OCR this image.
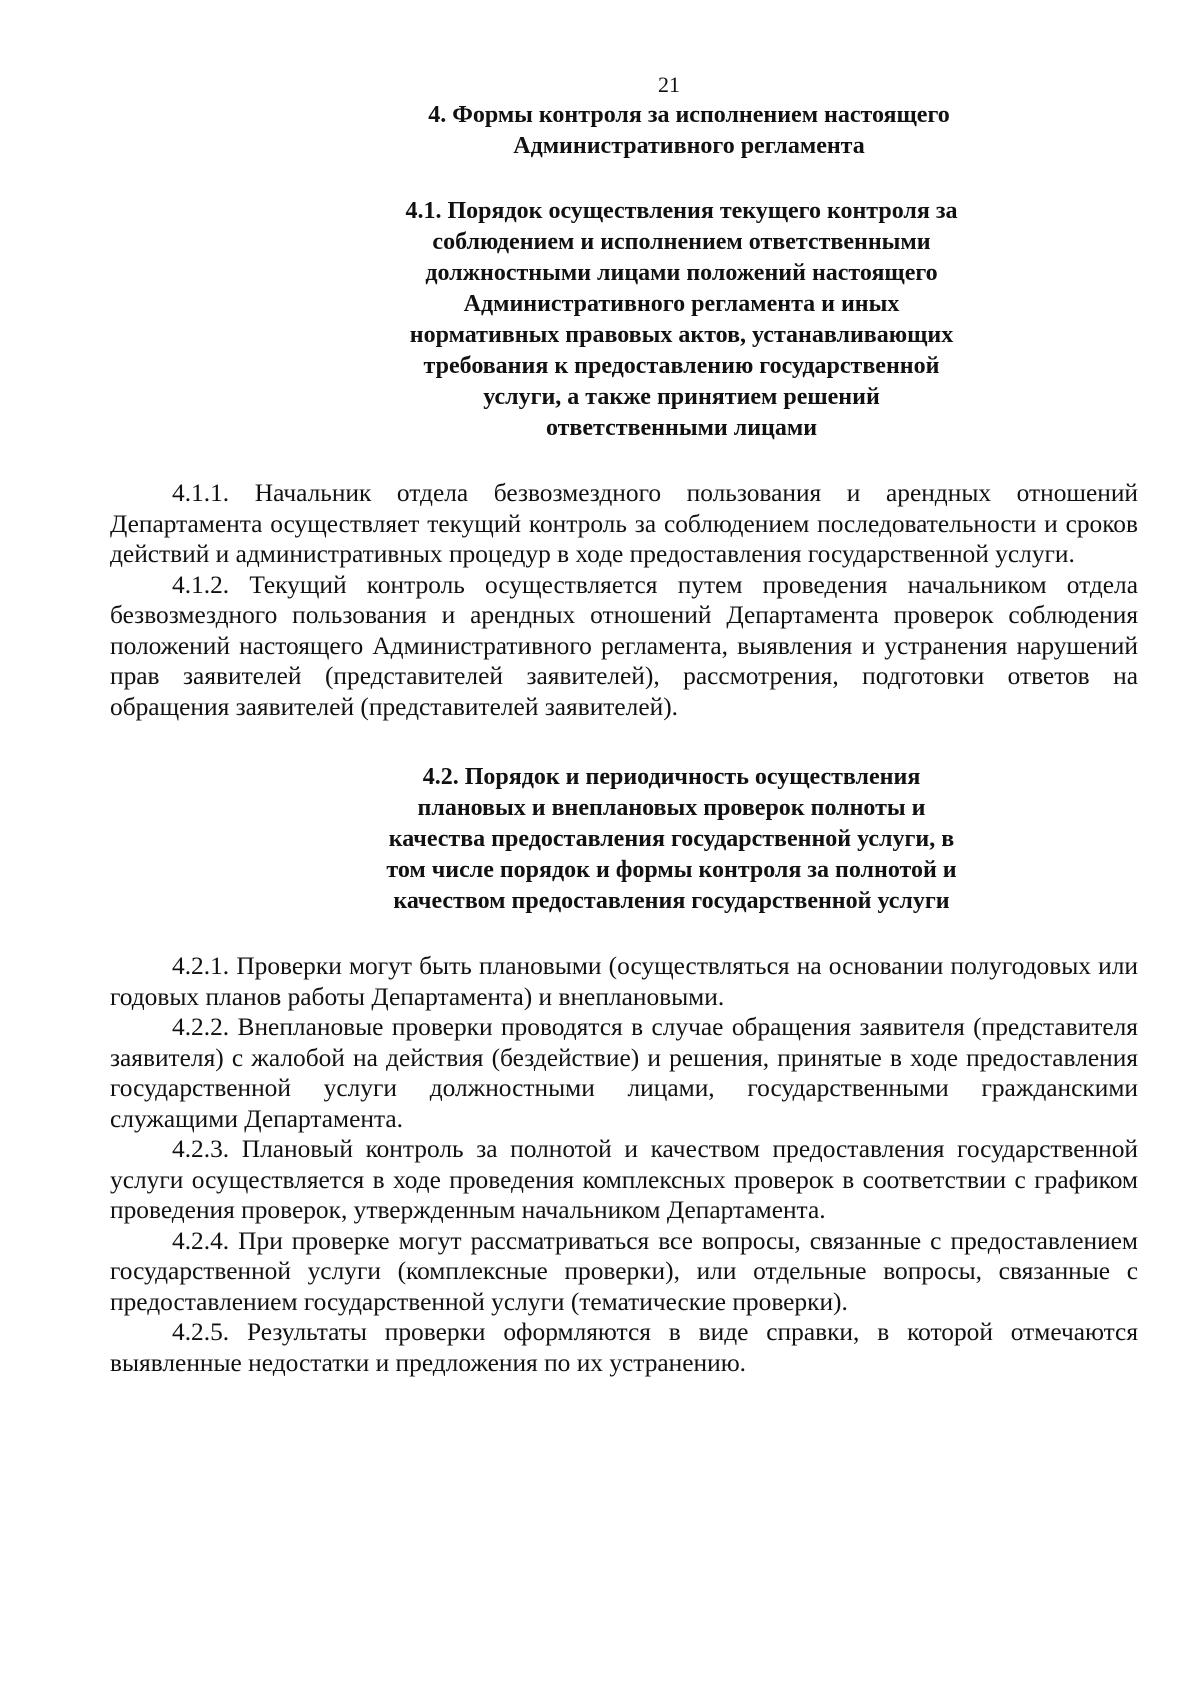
21
4. Формы контроля за исполнением настоящего
Административного регламента
4.1. Порядок осуществления текущего контроля за
соблюдением и исполнением ответственными
должностными лицами положений настоящего
Административного регламента и иных
нормативных правовых актов, устанавливающих
требования к предоставлению государственной
услуги, а также принятием решений
ответственными лицами

4.1.1. Начальник отдела безвозмездного пользования и арендных отношений Департамента осуществляет текущий контроль за соблюдением последовательности и сроков действий и административных процедур в ходе предоставления государственной услуги.

4.1.2. Текущий контроль осуществляется путем проведения начальником отдела безвозмездного пользования и арендных отношений Департамента проверок соблюдения положений настоящего Административного регламента, выявления и устранения нарушений прав заявителей (представителей заявителей), рассмотрения, подготовки ответов на обращения заявителей (представителей заявителей).

4.2. Порядок и периодичность осуществления
плановых и внеплановых проверок полноты и
качества предоставления государственной услуги, в
том числе порядок и формы контроля за полнотой и
качеством предоставления государственной услуги

4.2.1. Проверки могут быть плановыми (осуществляться на основании полугодовых или годовых планов работы Департамента) и внеплановыми.

4.2.2. Внеплановые проверки проводятся в случае обращения заявителя (представителя заявителя) с жалобой на действия (бездействие) и решения, принятые в ходе предоставления государственной услуги должностными лицами, государственными гражданскими служащими Департамента.

4.2.3. Плановый контроль за полнотой и качеством предоставления государственной услуги осуществляется в ходе проведения комплексных проверок в соответствии с графиком проведения проверок, утвержденным начальником Департамента.

4.2.4. При проверке могут рассматриваться все вопросы, связанные с предоставлением государственной услуги (комплексные проверки), или отдельные вопросы, связанные с предоставлением государственной услуги (тематические проверки).

4.2.5. Результаты проверки оформляются в виде справки, в которой отмечаются выявленные недостатки и предложения по их устранению.
